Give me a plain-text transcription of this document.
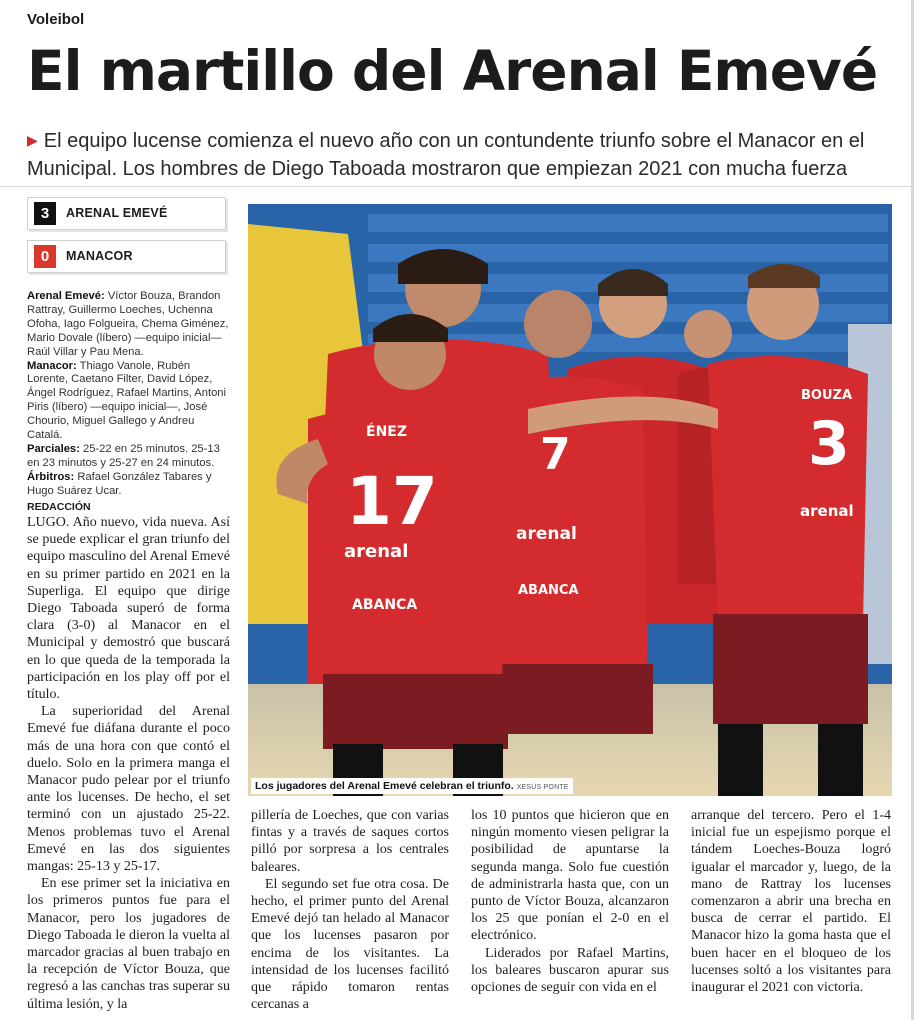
Voleibol
El martillo del Arenal Emevé
▶ El equipo lucense comienza el nuevo año con un contundente triunfo sobre el Manacor en el Municipal. Los hombres de Diego Taboada mostraron que empiezan 2021 con mucha fuerza
3	ARENAL EMEVÉ
0	MANACOR

Arenal Emevé: Víctor Bouza, Brandon Rattray, Guillermo Loeches, Uchenna Ofoha, Iago Folgueira, Chema Giménez, Mario Dovale (líbero) —equipo inicial— Raúl Villar y Pau Mena.

Manacor: Thiago Vanole, Rubén Lorente, Caetano Filter, David López, Ángel Rodríguez, Rafael Martins, Antoni Piris (líbero) —equipo inicial—, José Chourio, Miguel Gallego y Andreu Catalá.

Parciales: 25-22 en 25 minutos. 25-13 en 23 minutos y 25-27 en 24 minutos.

Árbitros: Rafael González Tabares y Hugo Suárez Ucar.

REDACCIÓN

LUGO. Año nuevo, vida nueva. Así se puede explicar el gran triunfo del equipo masculino del Arenal Emevé en su primer partido en 2021 en la Superliga. El equipo que dirige Diego Taboada superó de forma clara (3-0) al Manacor en el Municipal y demostró que buscará en lo que queda de la temporada la participación en los play off por el título.

La superioridad del Arenal Emevé fue diáfana durante el poco más de una hora con que contó el duelo. Solo en la primera manga el Manacor pudo pelear por el triunfo ante los lucenses. De hecho, el set terminó con un ajustado 25-22. Menos problemas tuvo el Arenal Emevé en las dos siguientes mangas: 25-13 y 25-17.

En ese primer set la iniciativa en los primeros puntos fue para el Manacor, pero los jugadores de Diego Taboada le dieron la vuelta al marcador gracias al buen trabajo en la recepción de Víctor Bouza, que regresó a las canchas tras superar su última lesión, y la

7
arenal
ABANCA
BOUZA
3
arenal
ÉNEZ
17
arenal
ABANCA
Los jugadores del Arenal Emevé celebran el triunfo. XESÚS PONTE

pillería de Loeches, que con varias fintas y a través de saques cortos pilló por sorpresa a los centrales baleares.

El segundo set fue otra cosa. De hecho, el primer punto del Arenal Emevé dejó tan helado al Manacor que los lucenses pasaron por encima de los visitantes. La intensidad de los lucenses facilitó que rápido tomaron rentas cercanas a

los 10 puntos que hicieron que en ningún momento viesen peligrar la posibilidad de apuntarse la segunda manga. Solo fue cuestión de administrarla hasta que, con un punto de Víctor Bouza, alcanzaron los 25 que ponían el 2-0 en el electrónico.

Liderados por Rafael Martins, los baleares buscaron apurar sus opciones de seguir con vida en el

arranque del tercero. Pero el 1-4 inicial fue un espejismo porque el tándem Loeches-Bouza logró igualar el marcador y, luego, de la mano de Rattray los lucenses comenzaron a abrir una brecha en busca de cerrar el partido. El Manacor hizo la goma hasta que el buen hacer en el bloqueo de los lucenses soltó a los visitantes para inaugurar el 2021 con victoria.
